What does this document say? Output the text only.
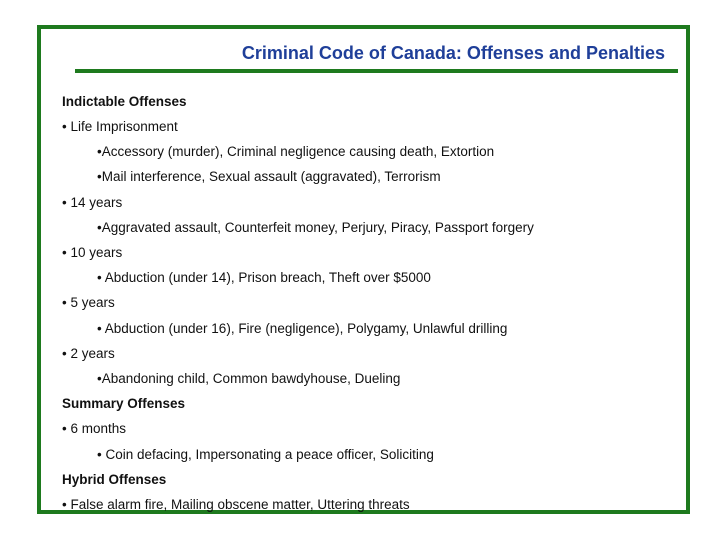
Criminal Code of Canada: Offenses and Penalties
Indictable Offenses
• Life Imprisonment
•Accessory (murder), Criminal negligence causing death, Extortion
•Mail interference, Sexual assault (aggravated), Terrorism
• 14 years
•Aggravated assault, Counterfeit money, Perjury, Piracy, Passport forgery
• 10 years
• Abduction (under 14), Prison breach, Theft over $5000
• 5 years
• Abduction (under 16), Fire (negligence), Polygamy, Unlawful drilling
• 2 years
•Abandoning child, Common bawdyhouse, Dueling
Summary Offenses
• 6 months
• Coin defacing, Impersonating a peace officer, Soliciting
Hybrid Offenses
• False alarm fire, Mailing obscene matter, Uttering threats
